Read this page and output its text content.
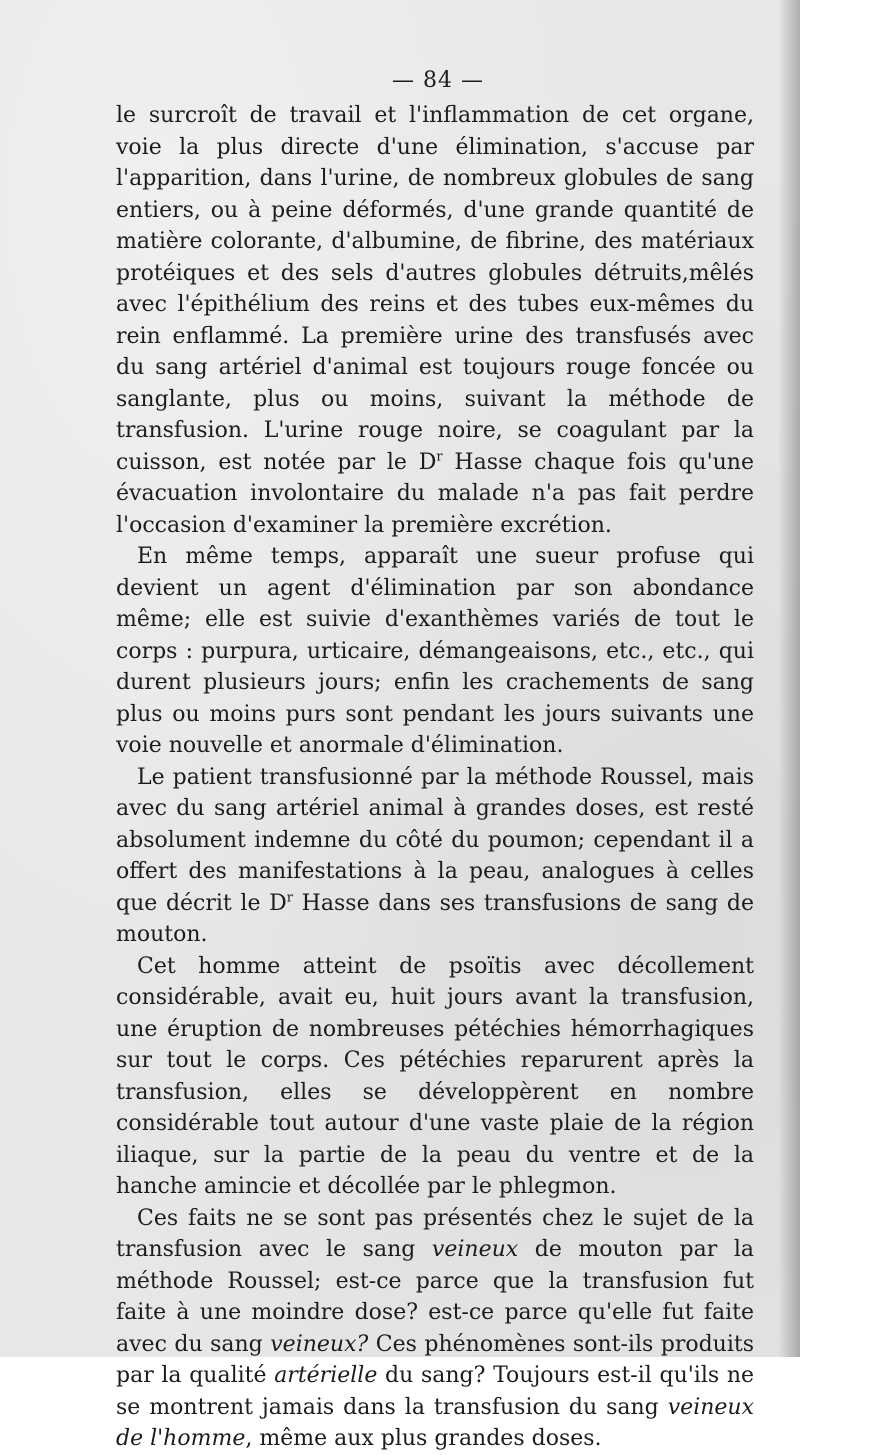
— 84 —

le surcroît de travail et l'inflammation de cet organe, voie la plus directe d'une élimination, s'accuse par l'apparition, dans l'urine, de nombreux globules de sang entiers, ou à peine déformés, d'une grande quantité de matière colorante, d'albumine, de fibrine, des matériaux protéiques et des sels d'autres globules détruits,mêlés avec l'épithélium des reins et des tubes eux-mêmes du rein enflammé. La première urine des transfusés avec du sang artériel d'animal est toujours rouge foncée ou sanglante, plus ou moins, suivant la méthode de transfusion. L'urine rouge noire, se coagulant par la cuisson, est notée par le $D^r$ Hasse chaque fois qu'une évacuation involontaire du malade n'a pas fait perdre l'occasion d'examiner la première excrétion.

En même temps, apparaît une sueur profuse qui devient un agent d'élimination par son abondance même; elle est suivie d'exanthèmes variés de tout le corps : purpura, urticaire, démangeaisons, etc., etc., qui durent plusieurs jours; enfin les crachements de sang plus ou moins purs sont pendant les jours suivants une voie nouvelle et anormale d'élimination.

Le patient transfusionné par la méthode Roussel, mais avec du sang artériel animal à grandes doses, est resté absolument indemne du côté du poumon; cependant il a offert des manifestations à la peau, analogues à celles que décrit le $D^r$ Hasse dans ses transfusions de sang de mouton.

Cet homme atteint de psoïtis avec décollement considérable, avait eu, huit jours avant la transfusion, une éruption de nombreuses pétéchies hémorrhagiques sur tout le corps. Ces pétéchies reparurent après la transfusion, elles se développèrent en nombre considérable tout autour d'une vaste plaie de la région iliaque, sur la partie de la peau du ventre et de la hanche amincie et décollée par le phlegmon.

Ces faits ne se sont pas présentés chez le sujet de la transfusion avec le sang veineux de mouton par la méthode Roussel; est-ce parce que la transfusion fut faite à une moindre dose? est-ce parce qu'elle fut faite avec du sang veineux? Ces phénomènes sont-ils produits par la qualité artérielle du sang? Toujours est-il qu'ils ne se montrent jamais dans la transfusion du sang veineux de l'homme, même aux plus grandes doses.
